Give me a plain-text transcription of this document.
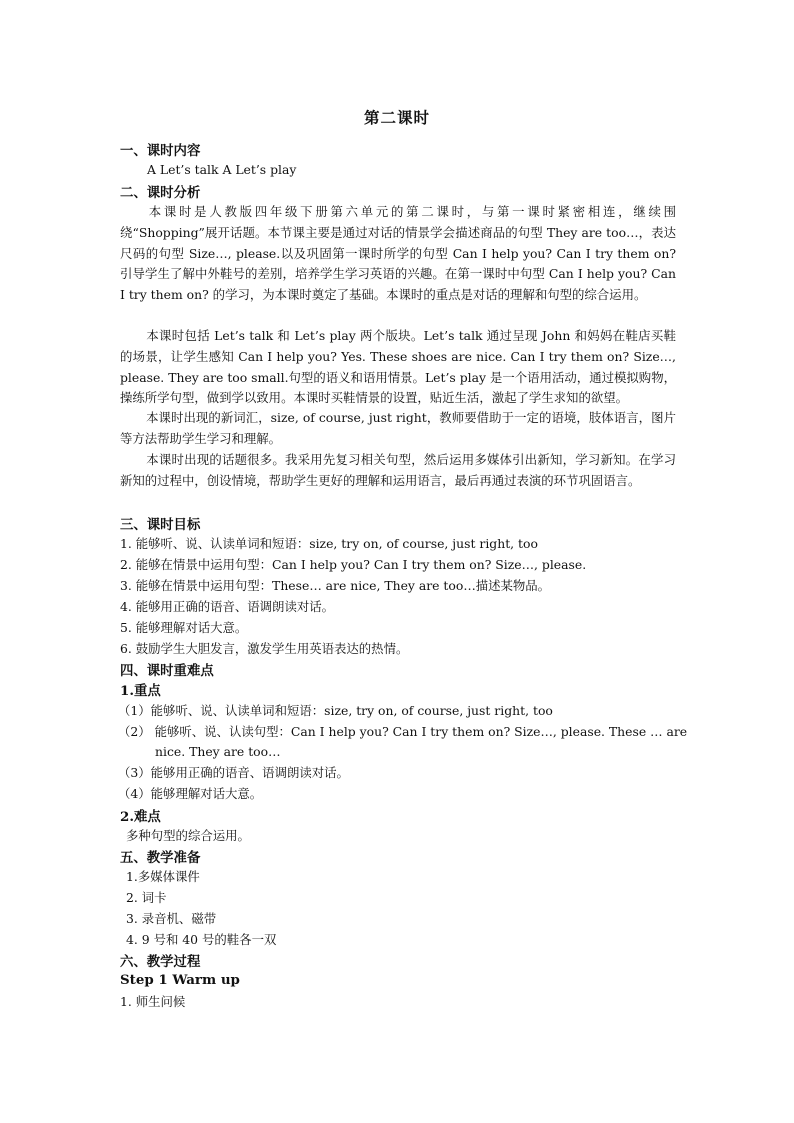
第二课时
一、课时内容
A Let’s talk A Let’s play
二、课时分析
本课时是人教版四年级下册第六单元的第二课时，与第一课时紧密相连，继续围绕“Shopping”展开话题。本节课主要是通过对话的情景学会描述商品的句型 They are too…，表达尺码的句型 Size…, please.以及巩固第一课时所学的句型 Can I help you? Can I try them on? 引导学生了解中外鞋号的差别，培养学生学习英语的兴趣。在第一课时中句型 Can I help you? Can I try them on? 的学习，为本课时奠定了基础。本课时的重点是对话的理解和句型的综合运用。
本课时包括 Let’s talk 和 Let’s play 两个版块。Let’s talk 通过呈现 John 和妈妈在鞋店买鞋的场景，让学生感知 Can I help you? Yes. These shoes are nice. Can I try them on? Size…, please. They are too small.句型的语义和语用情景。Let’s play 是一个语用活动，通过模拟购物，操练所学句型，做到学以致用。本课时买鞋情景的设置，贴近生活，激起了学生求知的欲望。
本课时出现的新词汇，size, of course, just right，教师要借助于一定的语境，肢体语言，图片等方法帮助学生学习和理解。
本课时出现的话题很多。我采用先复习相关句型，然后运用多媒体引出新知，学习新知。在学习新知的过程中，创设情境，帮助学生更好的理解和运用语言，最后再通过表演的环节巩固语言。
三、课时目标
1. 能够听、说、认读单词和短语：size, try on, of course, just right, too
2. 能够在情景中运用句型：Can I help you? Can I try them on? Size…, please.
3. 能够在情景中运用句型：These… are nice, They are too…描述某物品。
4. 能够用正确的语音、语调朗读对话。
5. 能够理解对话大意。
6. 鼓励学生大胆发言，激发学生用英语表达的热情。
四、课时重难点
1.重点
（1）能够听、说、认读单词和短语：size, try on, of course, just right, too
（2） 能够听、说、认读句型：Can I help you? Can I try them on? Size…, please. These … are
nice. They are too…
（3）能够用正确的语音、语调朗读对话。
（4）能够理解对话大意。
2.难点
多种句型的综合运用。
五、教学准备
1.多媒体课件
2. 词卡
3. 录音机、磁带
4. 9 号和 40 号的鞋各一双
六、教学过程
Step 1 Warm up
1. 师生问候
